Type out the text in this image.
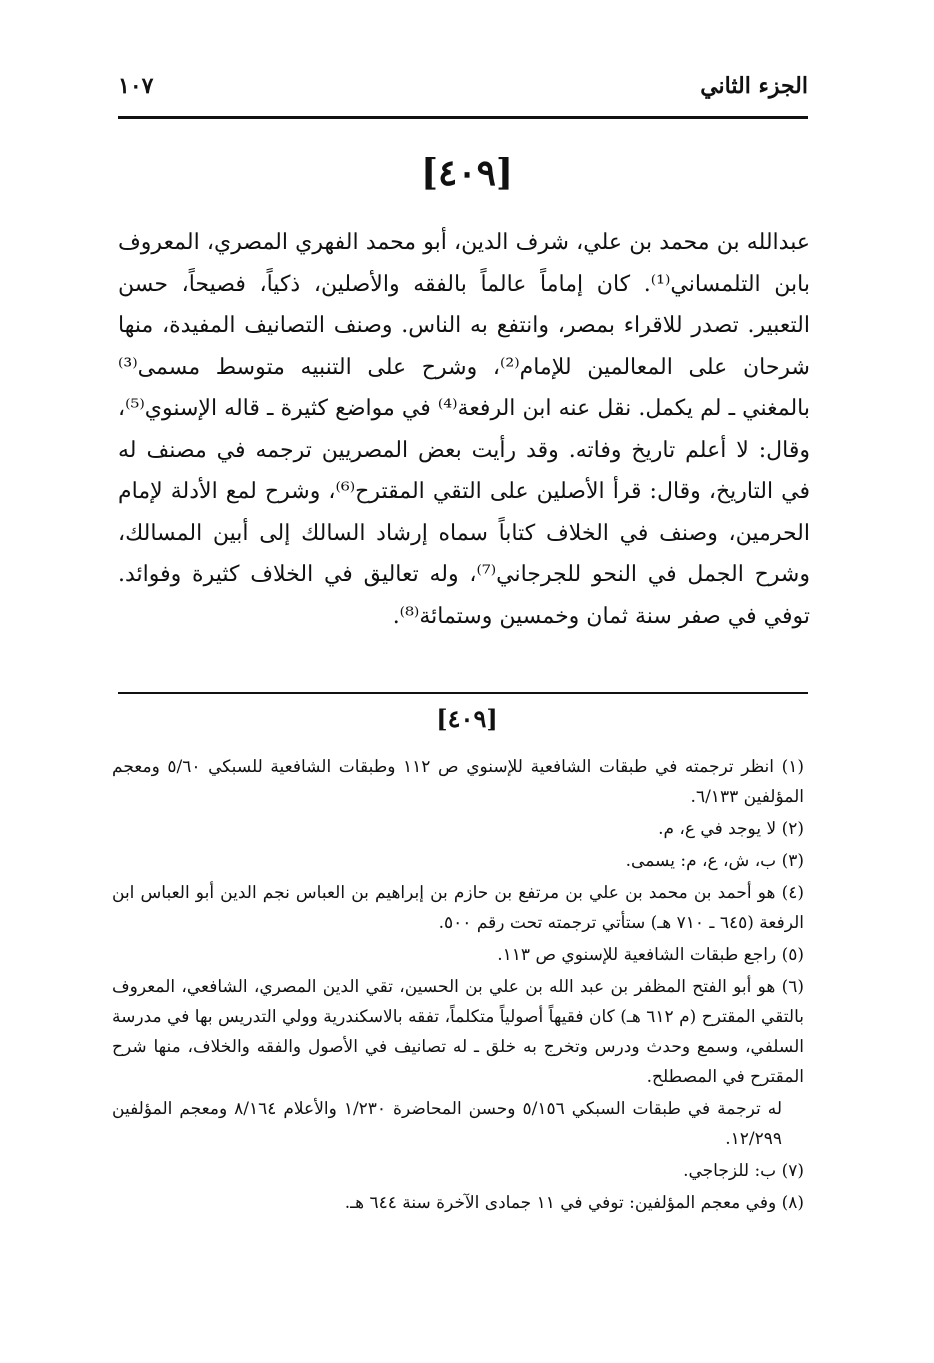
الجزء الثاني
١٠٧
[٤٠٩]
عبدالله بن محمد بن علي، شرف الدين، أبو محمد الفهري المصري، المعروف بابن التلمساني⁽¹⁾. كان إماماً عالماً بالفقه والأصلين، ذكياً، فصيحاً، حسن التعبير. تصدر للاقراء بمصر، وانتفع به الناس. وصنف التصانيف المفيدة، منها شرحان على المعالمين للإمام⁽²⁾، وشرح على التنبيه متوسط مسمى⁽³⁾ بالمغني ـ لم يكمل. نقل عنه ابن الرفعة⁽⁴⁾ في مواضع كثيرة ـ قاله الإسنوي⁽⁵⁾، وقال: لا أعلم تاريخ وفاته. وقد رأيت بعض المصريين ترجمه في مصنف له في التاريخ، وقال: قرأ الأصلين على التقي المقترح⁽⁶⁾، وشرح لمع الأدلة لإمام الحرمين، وصنف في الخلاف كتاباً سماه إرشاد السالك إلى أبين المسالك، وشرح الجمل في النحو للجرجاني⁽⁷⁾، وله تعاليق في الخلاف كثيرة وفوائد. توفي في صفر سنة ثمان وخمسين وستمائة⁽⁸⁾.
[٤٠٩]

(١) انظر ترجمته في طبقات الشافعية للإسنوي ص ١١٢ وطبقات الشافعية للسبكي ٥/٦٠ ومعجم المؤلفين ٦/١٣٣.

(٢) لا يوجد في ع، م.

(٣) ب، ش، ع، م: يسمى.

(٤) هو أحمد بن محمد بن علي بن مرتفع بن حازم بن إبراهيم بن العباس نجم الدين أبو العباس ابن الرفعة (٦٤٥ ـ ٧١٠ هـ) ستأتي ترجمته تحت رقم ٥٠٠.

(٥) راجع طبقات الشافعية للإسنوي ص ١١٣.

(٦) هو أبو الفتح المظفر بن عبد الله بن علي بن الحسين، تقي الدين المصري، الشافعي، المعروف بالتقي المقترح (م ٦١٢ هـ) كان فقيهاً أصولياً متكلماً، تفقه بالاسكندرية وولي التدريس بها في مدرسة السلفي، وسمع وحدث ودرس وتخرج به خلق ـ له تصانيف في الأصول والفقه والخلاف، منها شرح المقترح في المصطلح.

له ترجمة في طبقات السبكي ٥/١٥٦ وحسن المحاضرة ١/٢٣٠ والأعلام ٨/١٦٤ ومعجم المؤلفين ١٢/٢٩٩.

(٧) ب: للزجاجي.

(٨) وفي معجم المؤلفين: توفي في ١١ جمادى الآخرة سنة ٦٤٤ هـ.
